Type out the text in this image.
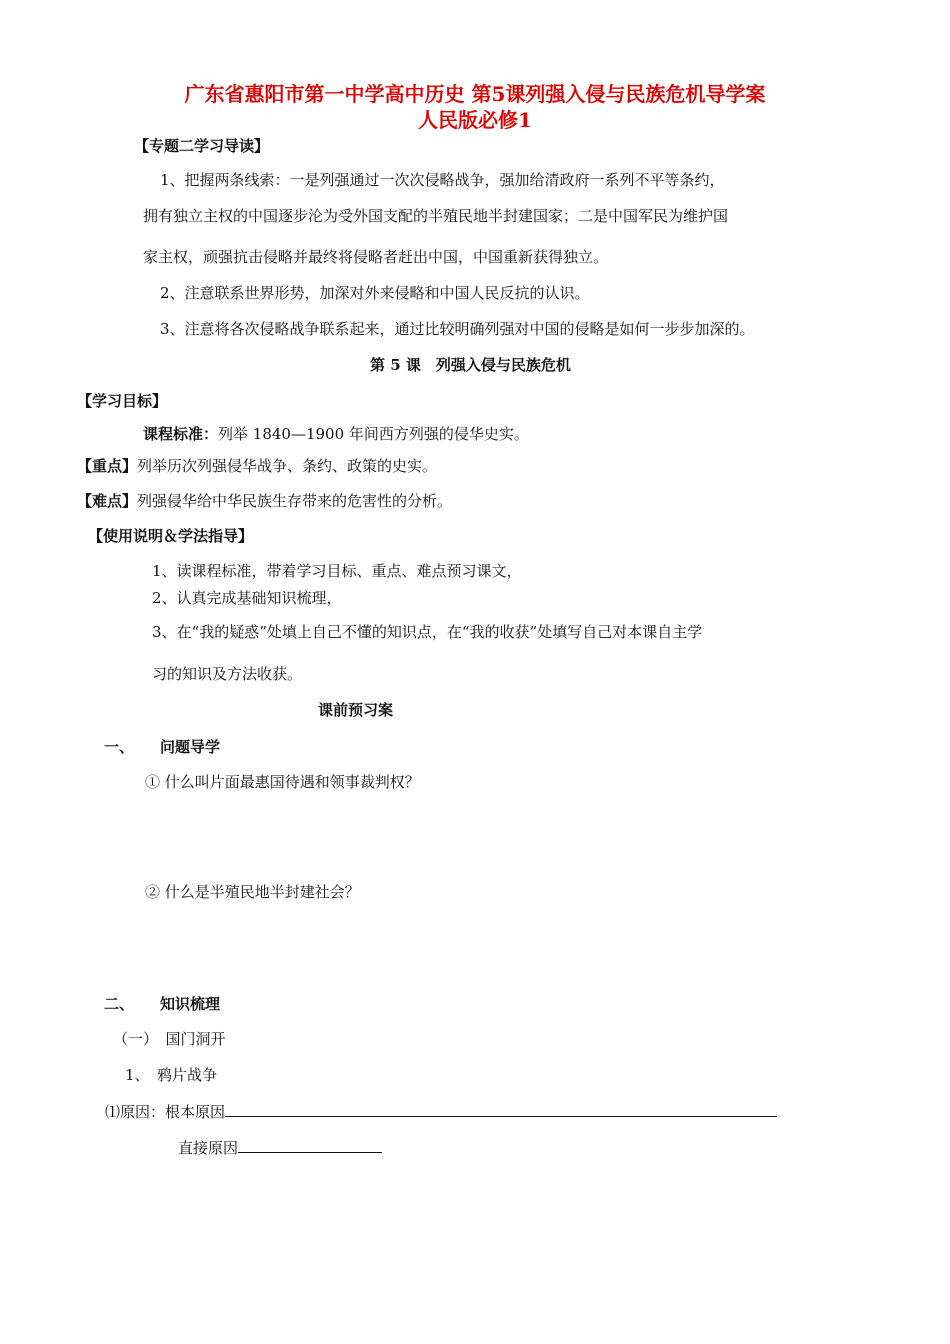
广东省惠阳市第一中学高中历史 第5课列强入侵与民族危机导学案
人民版必修1
【专题二学习导读】
1、把握两条线索：一是列强通过一次次侵略战争，强加给清政府一系列不平等条约，
拥有独立主权的中国逐步沦为受外国支配的半殖民地半封建国家；二是中国军民为维护国
家主权，顽强抗击侵略并最终将侵略者赶出中国，中国重新获得独立。
2、注意联系世界形势，加深对外来侵略和中国人民反抗的认识。
3、注意将各次侵略战争联系起来，通过比较明确列强对中国的侵略是如何一步步加深的。
第 5 课　列强入侵与民族危机
【学习目标】
课程标准：列举 1840—1900 年间西方列强的侵华史实。
【重点】列举历次列强侵华战争、条约、政策的史实。
【难点】列强侵华给中华民族生存带来的危害性的分析。
【使用说明＆学法指导】
1、读课程标准，带着学习目标、重点、难点预习课文，
2、认真完成基础知识梳理，
3、在“我的疑惑”处填上自己不懂的知识点，在“我的收获”处填写自己对本课自主学
习的知识及方法收获。
课前预习案
一、 问题导学
① 什么叫片面最惠国待遇和领事裁判权？
② 什么是半殖民地半封建社会？
二、 知识梳理
（一）　国门洞开
1、　鸦片战争
⑴原因：根本原因
直接原因
